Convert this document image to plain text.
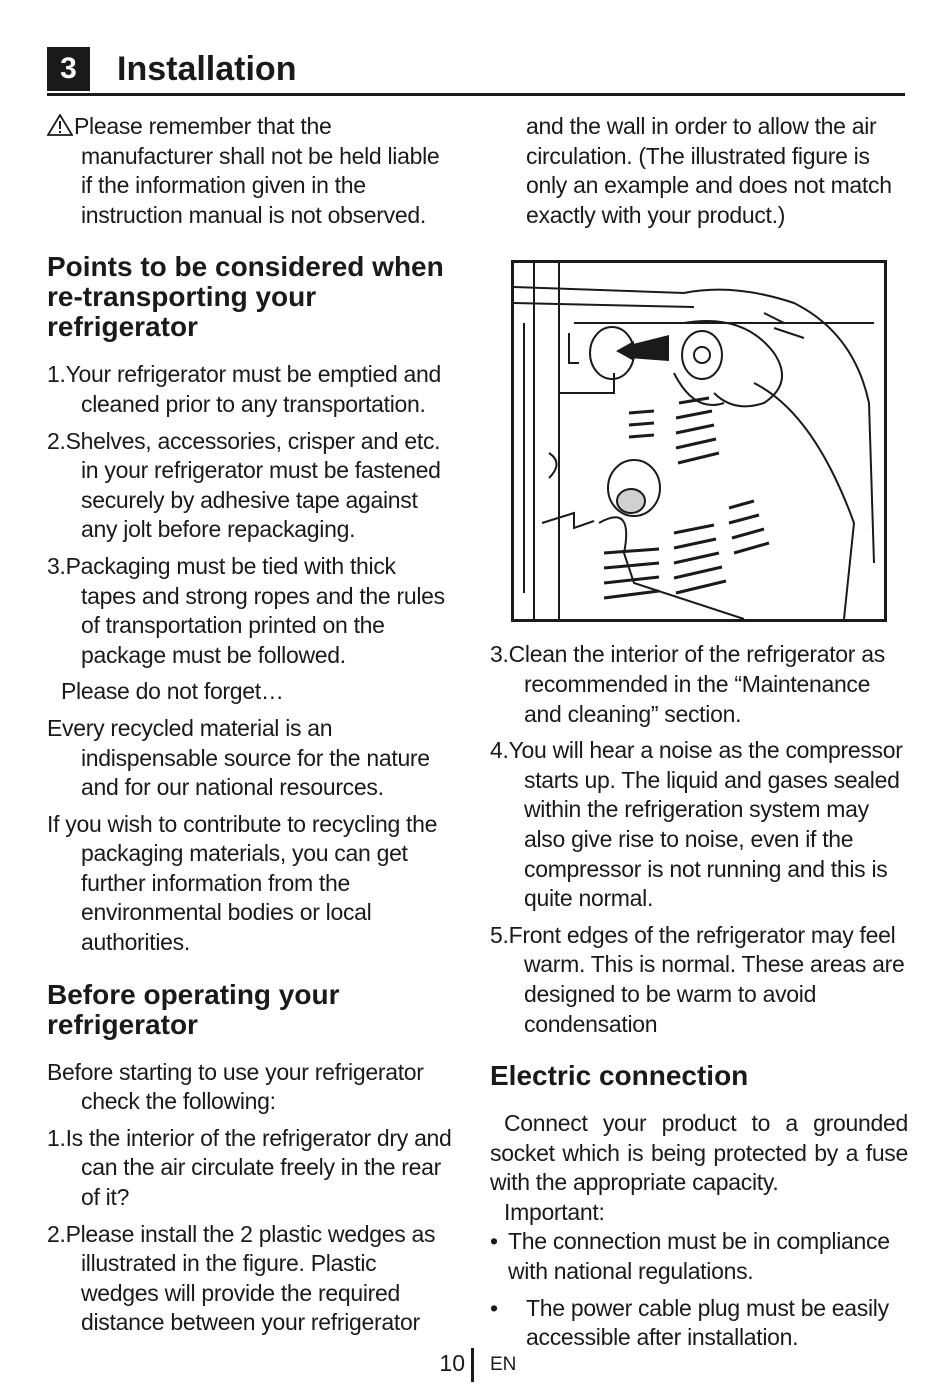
3	Installation

Please remember that the manufacturer shall not be held liable if the information given in the instruction manual is not observed.

Points to be considered when re-transporting your refrigerator

1.Your refrigerator must be emptied and cleaned prior to any transportation.

2.Shelves, accessories, crisper and etc. in your refrigerator must be fastened securely by adhesive tape against any jolt before repackaging.

3.Packaging must be tied with thick tapes and strong ropes and the rules of transportation printed on the package must be followed.

Please do not forget…

Every recycled material is an indispensable source for the nature and for our national resources.

If you wish to contribute to recycling the packaging materials, you can get further information from the environmental bodies or local authorities.

Before operating your refrigerator

Before starting to use your refrigerator check the following:

1.Is the interior of the refrigerator dry and can the air circulate freely in the rear of it?

2.Please install the 2 plastic wedges as illustrated in the figure. Plastic wedges will provide the required distance between your refrigerator

and the wall in order to allow the air circulation. (The illustrated figure is only an example and does not match exactly with your product.)

3.Clean the interior of the refrigerator as recommended in the “Maintenance and cleaning” section.

4.You will hear a noise as the compressor starts up. The liquid and gases sealed within the refrigeration system may also give rise to noise, even if the compressor is not running and this is quite normal.

5.Front edges of the refrigerator may feel warm. This is normal. These areas are designed to be warm to avoid condensation

Electric connection

Connect your product to a grounded socket which is being protected by a fuse with the appropriate capacity.

Important:

• The connection must be in compliance with national regulations.

• The power cable plug must be easily accessible after installation.

10 EN
